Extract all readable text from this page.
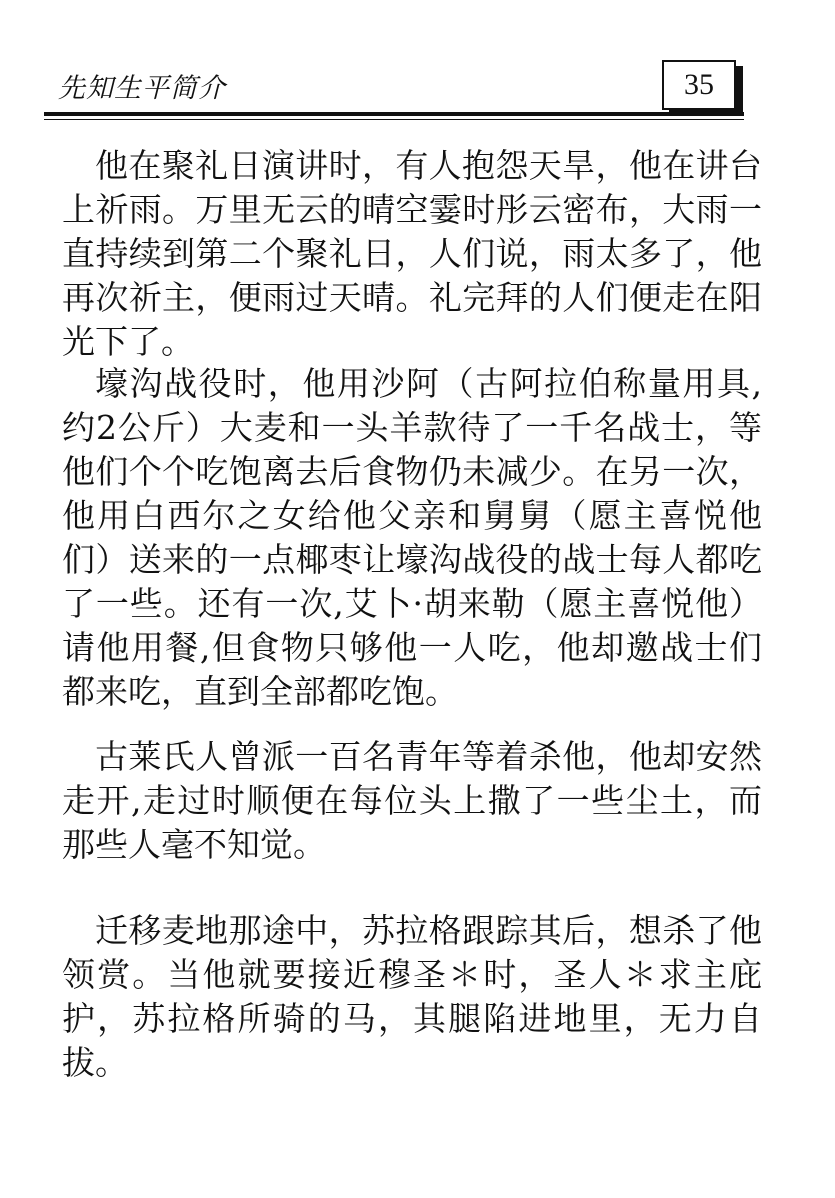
先知生平简介	35

他在聚礼日演讲时，有人抱怨天旱，他在讲台上祈雨。万里无云的晴空霎时彤云密布，大雨一直持续到第二个聚礼日，人们说，雨太多了，他再次祈主，便雨过天晴。礼完拜的人们便走在阳光下了。

壕沟战役时，他用沙阿（古阿拉伯称量用具,约2公斤）大麦和一头羊款待了一千名战士，等他们个个吃饱离去后食物仍未减少。在另一次，他用白西尔之女给他父亲和舅舅（愿主喜悦他们）送来的一点椰枣让壕沟战役的战士每人都吃了一些。还有一次,艾卜·胡来勒（愿主喜悦他）请他用餐,但食物只够他一人吃，他却邀战士们都来吃，直到全部都吃饱。

古莱氏人曾派一百名青年等着杀他，他却安然走开,走过时顺便在每位头上撒了一些尘土，而那些人毫不知觉。

迁移麦地那途中，苏拉格跟踪其后，想杀了他领赏。当他就要接近穆圣＊时，圣人＊求主庇护，苏拉格所骑的马，其腿陷进地里，无力自拔。
